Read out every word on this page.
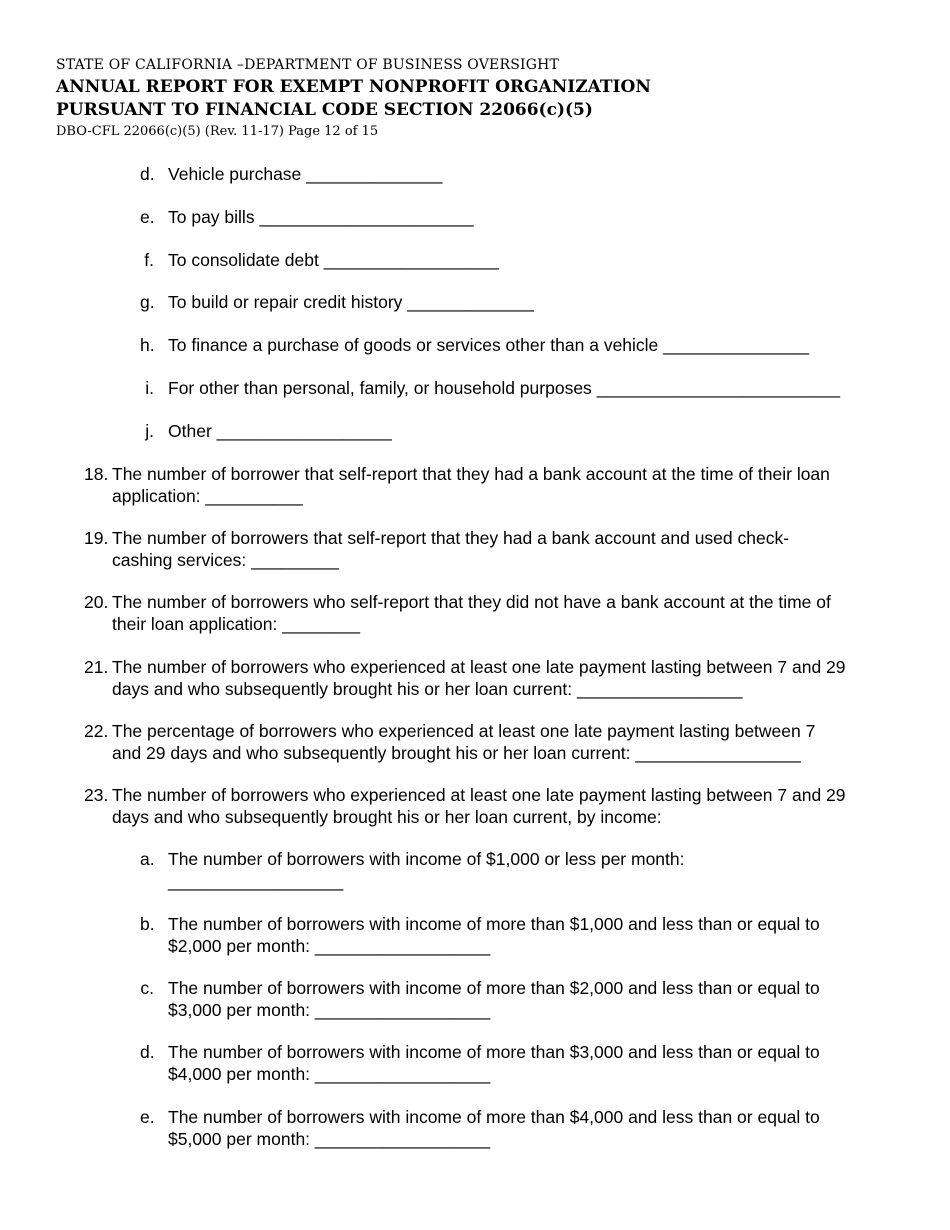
STATE OF CALIFORNIA –DEPARTMENT OF BUSINESS OVERSIGHT
ANNUAL REPORT FOR EXEMPT NONPROFIT ORGANIZATION
PURSUANT TO FINANCIAL CODE SECTION 22066(c)(5)
DBO-CFL 22066(c)(5) (Rev. 11-17) Page 12 of 15
d. Vehicle purchase ______________
e. To pay bills ______________________
f. To consolidate debt __________________
g. To build or repair credit history _____________
h. To finance a purchase of goods or services other than a vehicle _______________
i. For other than personal, family, or household purposes _________________________
j. Other __________________
18. The number of borrower that self-report that they had a bank account at the time of their loan
application: __________
19. The number of borrowers that self-report that they had a bank account and used check-
cashing services: _________
20. The number of borrowers who self-report that they did not have a bank account at the time of
their loan application: ________
21. The number of borrowers who experienced at least one late payment lasting between 7 and 29
days and who subsequently brought his or her loan current: _________________
22. The percentage of borrowers who experienced at least one late payment lasting between 7
and 29 days and who subsequently brought his or her loan current: _________________
23. The number of borrowers who experienced at least one late payment lasting between 7 and 29
days and who subsequently brought his or her loan current, by income:
a. The number of borrowers with income of $1,000 or less per month:
__________________
b. The number of borrowers with income of more than $1,000 and less than or equal to
$2,000 per month: __________________
c. The number of borrowers with income of more than $2,000 and less than or equal to
$3,000 per month: __________________
d. The number of borrowers with income of more than $3,000 and less than or equal to
$4,000 per month: __________________
e. The number of borrowers with income of more than $4,000 and less than or equal to
$5,000 per month: __________________
